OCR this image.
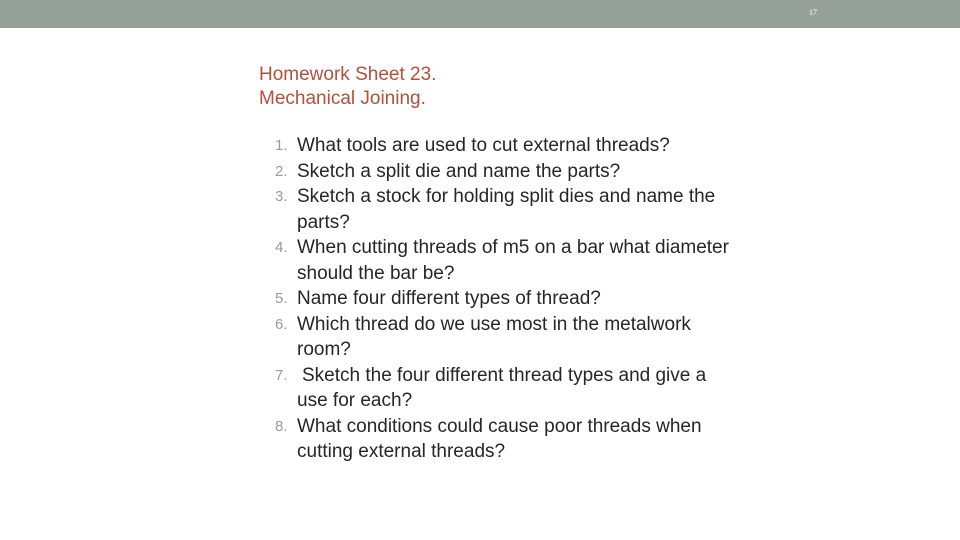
17
Homework Sheet 23.
Mechanical Joining.
1. What tools are used to cut external threads?
2. Sketch a split die and name the parts?
3. Sketch a stock for holding split dies and name the parts?
4. When cutting threads of m5 on a bar what diameter should the bar be?
5. Name four different types of thread?
6. Which thread do we use most in the metalwork room?
7. Sketch the four different thread types and give a use for each?
8. What conditions could cause poor threads when cutting external threads?
